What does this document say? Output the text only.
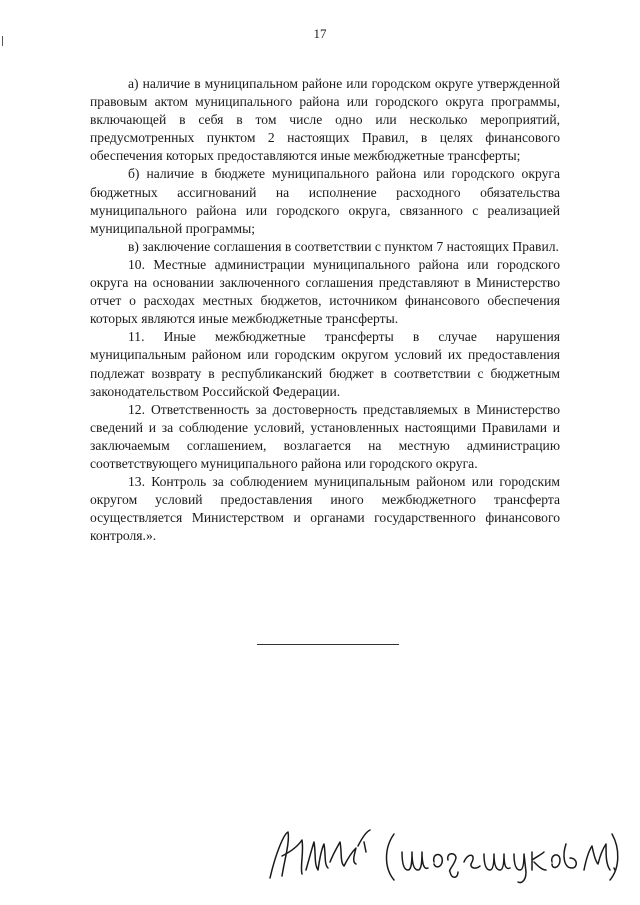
17

а) наличие в муниципальном районе или городском округе утвержденной правовым актом муниципального района или городского округа программы, включающей в себя в том числе одно или несколько мероприятий, предусмотренных пунктом 2 настоящих Правил, в целях финансового обеспечения которых предоставляются иные межбюджетные трансферты;

б) наличие в бюджете муниципального района или городского округа бюджетных ассигнований на исполнение расходного обязательства муниципального района или городского округа, связанного с реализацией муниципальной программы;

в) заключение соглашения в соответствии с пунктом 7 настоящих Правил.

10. Местные администрации муниципального района или городского округа на основании заключенного соглашения представляют в Министерство отчет о расходах местных бюджетов, источником финансового обеспечения которых являются иные межбюджетные трансферты.

11. Иные межбюджетные трансферты в случае нарушения муниципальным районом или городским округом условий их предоставления подлежат возврату в республиканский бюджет в соответствии с бюджетным законодательством Российской Федерации.

12. Ответственность за достоверность представляемых в Министерство сведений и за соблюдение условий, установленных настоящими Правилами и заключаемым соглашением, возлагается на местную администрацию соответствующего муниципального района или городского округа.

13. Контроль за соблюдением муниципальным районом или городским округом условий предоставления иного межбюджетного трансферта осуществляется Министерством и органами государственного финансового контроля.».
